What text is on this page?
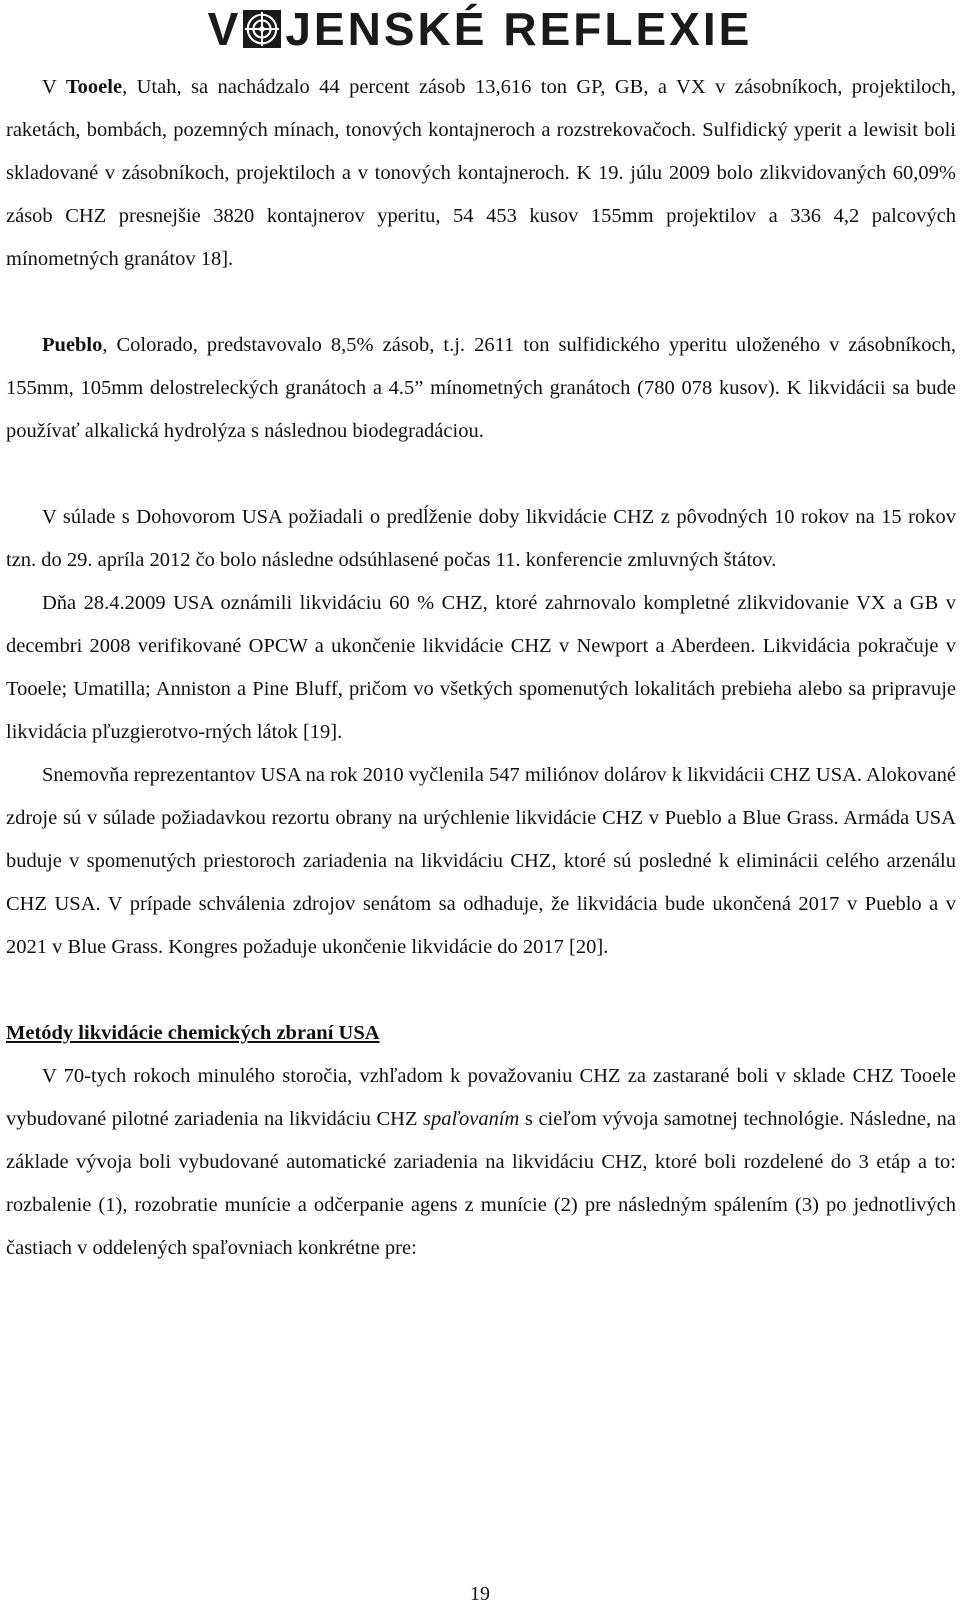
V JENSKÉ REFLEXIE

V Tooele, Utah, sa nachádzalo 44 percent zásob 13,616 ton GP, GB, a VX v zásobníkoch, projektiloch, raketách, bombách, pozemných mínach, tonových kontajneroch a rozstrekovačoch. Sulfidický yperit a lewisit boli skladované v zásobníkoch, projektiloch a v tonových kontajneroch. K 19. júlu 2009 bolo zlikvidovaných 60,09% zásob CHZ presnejšie 3820 kontajnerov yperitu, 54 453 kusov 155mm projektilov a 336 4,2 palcových mínometných granátov 18].

Pueblo, Colorado, predstavovalo 8,5% zásob, t.j. 2611 ton sulfidického yperitu uloženého v zásobníkoch, 155mm, 105mm delostreleckých granátoch a 4.5” mínometných granátoch (780 078 kusov). K likvidácii sa bude používať alkalická hydrolýza s následnou biodegradáciou.

V súlade s Dohovorom USA požiadali o predĺženie doby likvidácie CHZ z pôvodných 10 rokov na 15 rokov tzn. do 29. apríla 2012 čo bolo následne odsúhlasené počas 11. konferencie zmluvných štátov.

Dňa 28.4.2009 USA oznámili likvidáciu 60 % CHZ, ktoré zahrnovalo kompletné zlikvidovanie VX a GB v decembri 2008 verifikované OPCW a ukončenie likvidácie CHZ v Newport a Aberdeen. Likvidácia pokračuje v Tooele; Umatilla; Anniston a Pine Bluff, pričom vo všetkých spomenutých lokalitách prebieha alebo sa pripravuje likvidácia pľuzgierotvo-rných látok [19].

Snemovňa reprezentantov USA na rok 2010 vyčlenila 547 miliónov dolárov k likvidácii CHZ USA. Alokované zdroje sú v súlade požiadavkou rezortu obrany na urýchlenie likvidácie CHZ v Pueblo a Blue Grass. Armáda USA buduje v spomenutých priestoroch zariadenia na likvidáciu CHZ, ktoré sú posledné k eliminácii celého arzenálu CHZ USA. V prípade schválenia zdrojov senátom sa odhaduje, že likvidácia bude ukončená 2017 v Pueblo a v 2021 v Blue Grass. Kongres požaduje ukončenie likvidácie do 2017 [20].

Metódy likvidácie chemických zbraní USA

V 70-tych rokoch minulého storočia, vzhľadom k považovaniu CHZ za zastarané boli v sklade CHZ Tooele vybudované pilotné zariadenia na likvidáciu CHZ spaľovaním s cieľom vývoja samotnej technológie. Následne, na základe vývoja boli vybudované automatické zariadenia na likvidáciu CHZ, ktoré boli rozdelené do 3 etáp a to: rozbalenie (1), rozobratie munície a odčerpanie agens z munície (2) pre následným spálením (3) po jednotlivých častiach v oddelených spaľovniach konkrétne pre:

19
